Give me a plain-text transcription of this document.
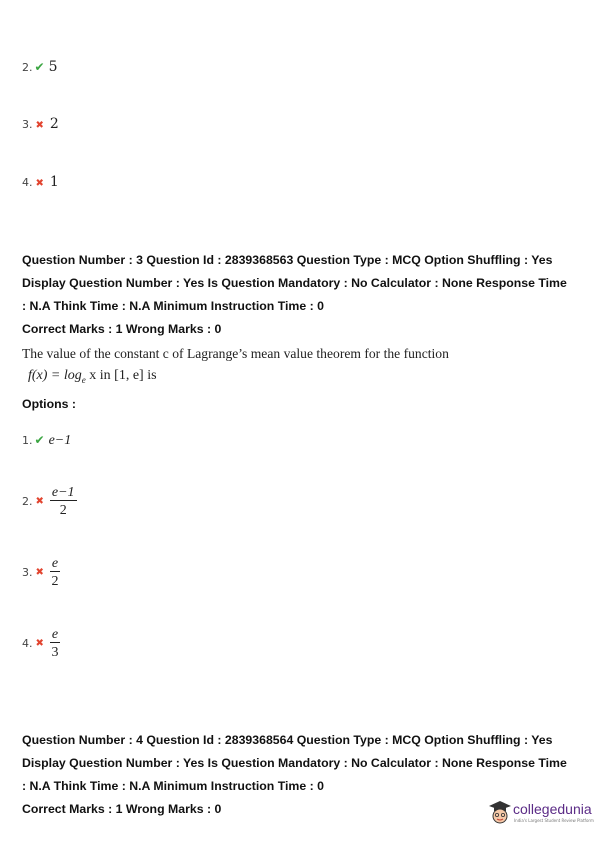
2. ✔ 5
3. ✖ 2
4. ✖ 1
Question Number : 3 Question Id : 2839368563 Question Type : MCQ Option Shuffling : Yes
Display Question Number : Yes Is Question Mandatory : No Calculator : None Response Time
: N.A Think Time : N.A Minimum Instruction Time : 0
Correct Marks : 1 Wrong Marks : 0
The value of the constant c of Lagrange’s mean value theorem for the function
$f(x) = \log_e x$ in [1, e] is
Options :
1. ✔ e−1
2. ✖ $\frac{e-1}{2}$
3. ✖ $\frac{e}{2}$
4. ✖ $\frac{e}{3}$
Question Number : 4 Question Id : 2839368564 Question Type : MCQ Option Shuffling : Yes
Display Question Number : Yes Is Question Mandatory : No Calculator : None Response Time
: N.A Think Time : N.A Minimum Instruction Time : 0
Correct Marks : 1 Wrong Marks : 0	collegedunia
India's Largest Student Review Platform
